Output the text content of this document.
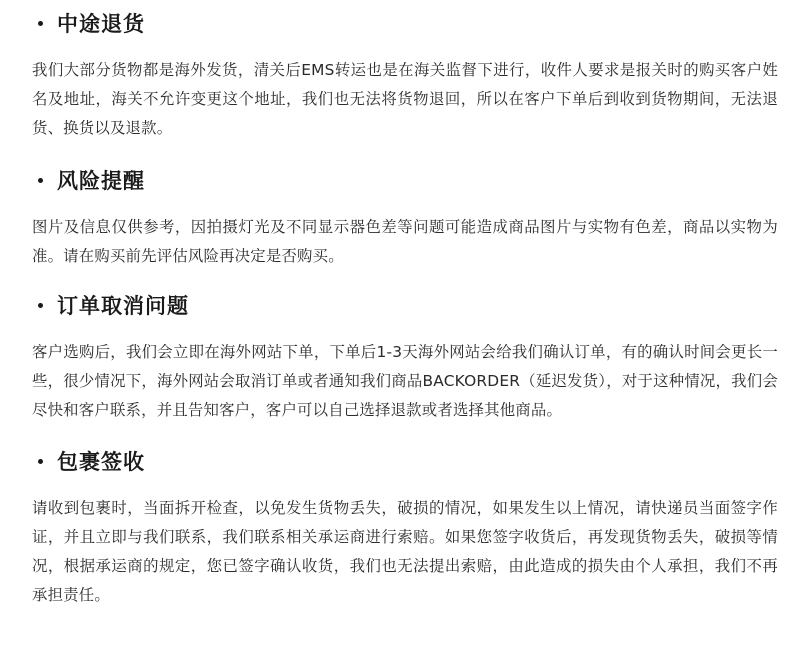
中途退货

我们大部分货物都是海外发货，清关后EMS转运也是在海关监督下进行，收件人要求是报关时的购买客户姓名及地址，海关不允许变更这个地址，我们也无法将货物退回，所以在客户下单后到收到货物期间，无法退货、换货以及退款。

风险提醒

图片及信息仅供参考，因拍摄灯光及不同显示器色差等问题可能造成商品图片与实物有色差，商品以实物为准。请在购买前先评估风险再决定是否购买。

订单取消问题

客户选购后，我们会立即在海外网站下单，下单后1-3天海外网站会给我们确认订单，有的确认时间会更长一些，很少情况下，海外网站会取消订单或者通知我们商品BACKORDER（延迟发货），对于这种情况，我们会尽快和客户联系，并且告知客户，客户可以自己选择退款或者选择其他商品。

包裹签收

请收到包裹时，当面拆开检查，以免发生货物丢失，破损的情况，如果发生以上情况，请快递员当面签字作证，并且立即与我们联系，我们联系相关承运商进行索赔。如果您签字收货后，再发现货物丢失，破损等情况，根据承运商的规定，您已签字确认收货，我们也无法提出索赔，由此造成的损失由个人承担，我们不再承担责任。
